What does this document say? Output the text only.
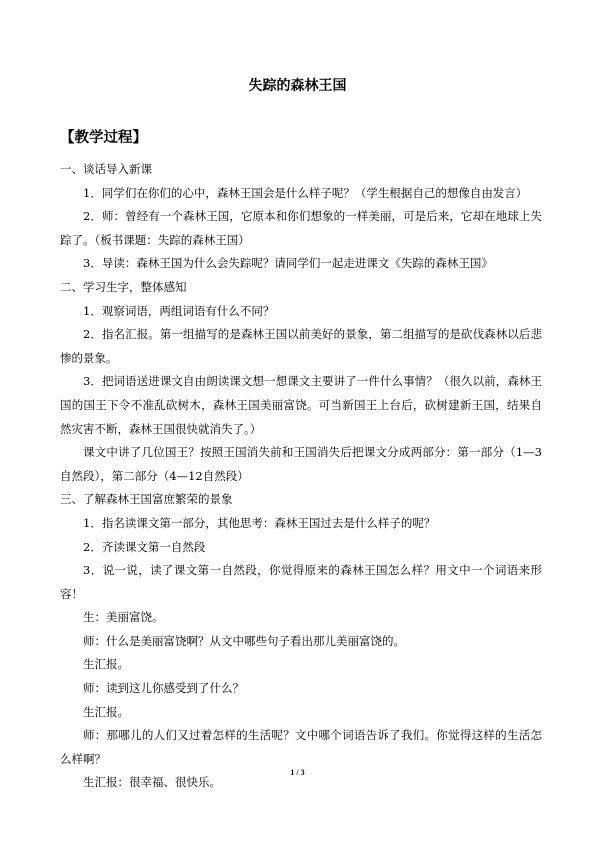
失踪的森林王国
【教学过程】

一、谈话导入新课

1．同学们在你们的心中，森林王国会是什么样子呢？（学生根据自己的想像自由发言）

2．师：曾经有一个森林王国，它原本和你们想象的一样美丽，可是后来，它却在地球上失踪了。（板书课题：失踪的森林王国）

3．导读：森林王国为什么会失踪呢？请同学们一起走进课文《失踪的森林王国》

二、学习生字，整体感知

1．观察词语，两组词语有什么不同？

2．指名汇报。第一组描写的是森林王国以前美好的景象，第二组描写的是砍伐森林以后悲惨的景象。

3．把词语送进课文自由朗读课文想一想课文主要讲了一件什么事情？（很久以前，森林王国的国王下令不准乱砍树木，森林王国美丽富饶。可当新国王上台后，砍树建新王国，结果自然灾害不断，森林王国很快就消失了。）

课文中讲了几位国王？按照王国消失前和王国消失后把课文分成两部分：第一部分（1—3自然段），第二部分（4—12自然段）

三、了解森林王国富庶繁荣的景象

1．指名读课文第一部分，其他思考：森林王国过去是什么样子的呢？

2．齐读课文第一自然段

3．说一说，读了课文第一自然段，你觉得原来的森林王国怎么样？用文中一个词语来形容！

生：美丽富饶。

师：什么是美丽富饶啊？从文中哪些句子看出那儿美丽富饶的。

生汇报。

师：读到这儿你感受到了什么？

生汇报。

师：那哪儿的人们又过着怎样的生活呢？文中哪个词语告诉了我们。你觉得这样的生活怎么样啊？

生汇报：很幸福、很快乐。

1 / 3
